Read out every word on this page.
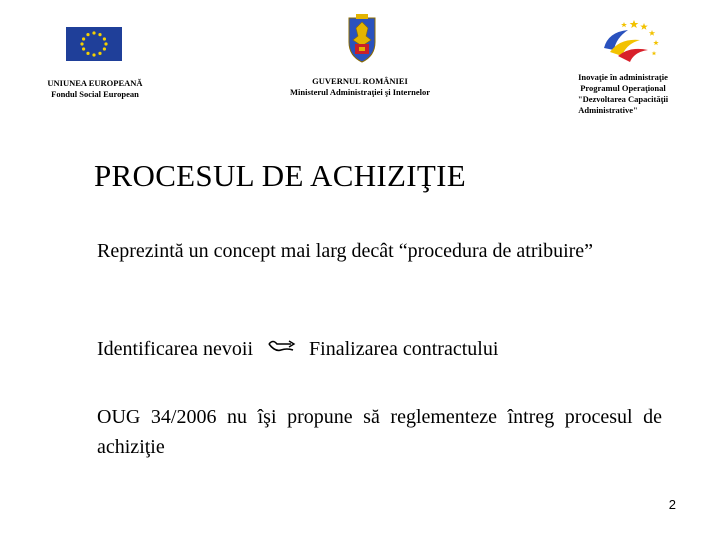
UNIUNEA EUROPEANĂ
Fondul Social European
GUVERNUL ROMÂNIEI
Ministerul Administraţiei şi Internelor
Inovaţie în administraţie
Programul Operaţional
"Dezvoltarea Capacităţii
Administrative"
PROCESUL DE ACHIZIŢIE
Reprezintă un concept mai larg decât “procedura de atribuire”
Identificarea nevoii	Finalizarea contractului
OUG 34/2006 nu îşi propune să reglementeze întreg procesul de achiziţie
2
